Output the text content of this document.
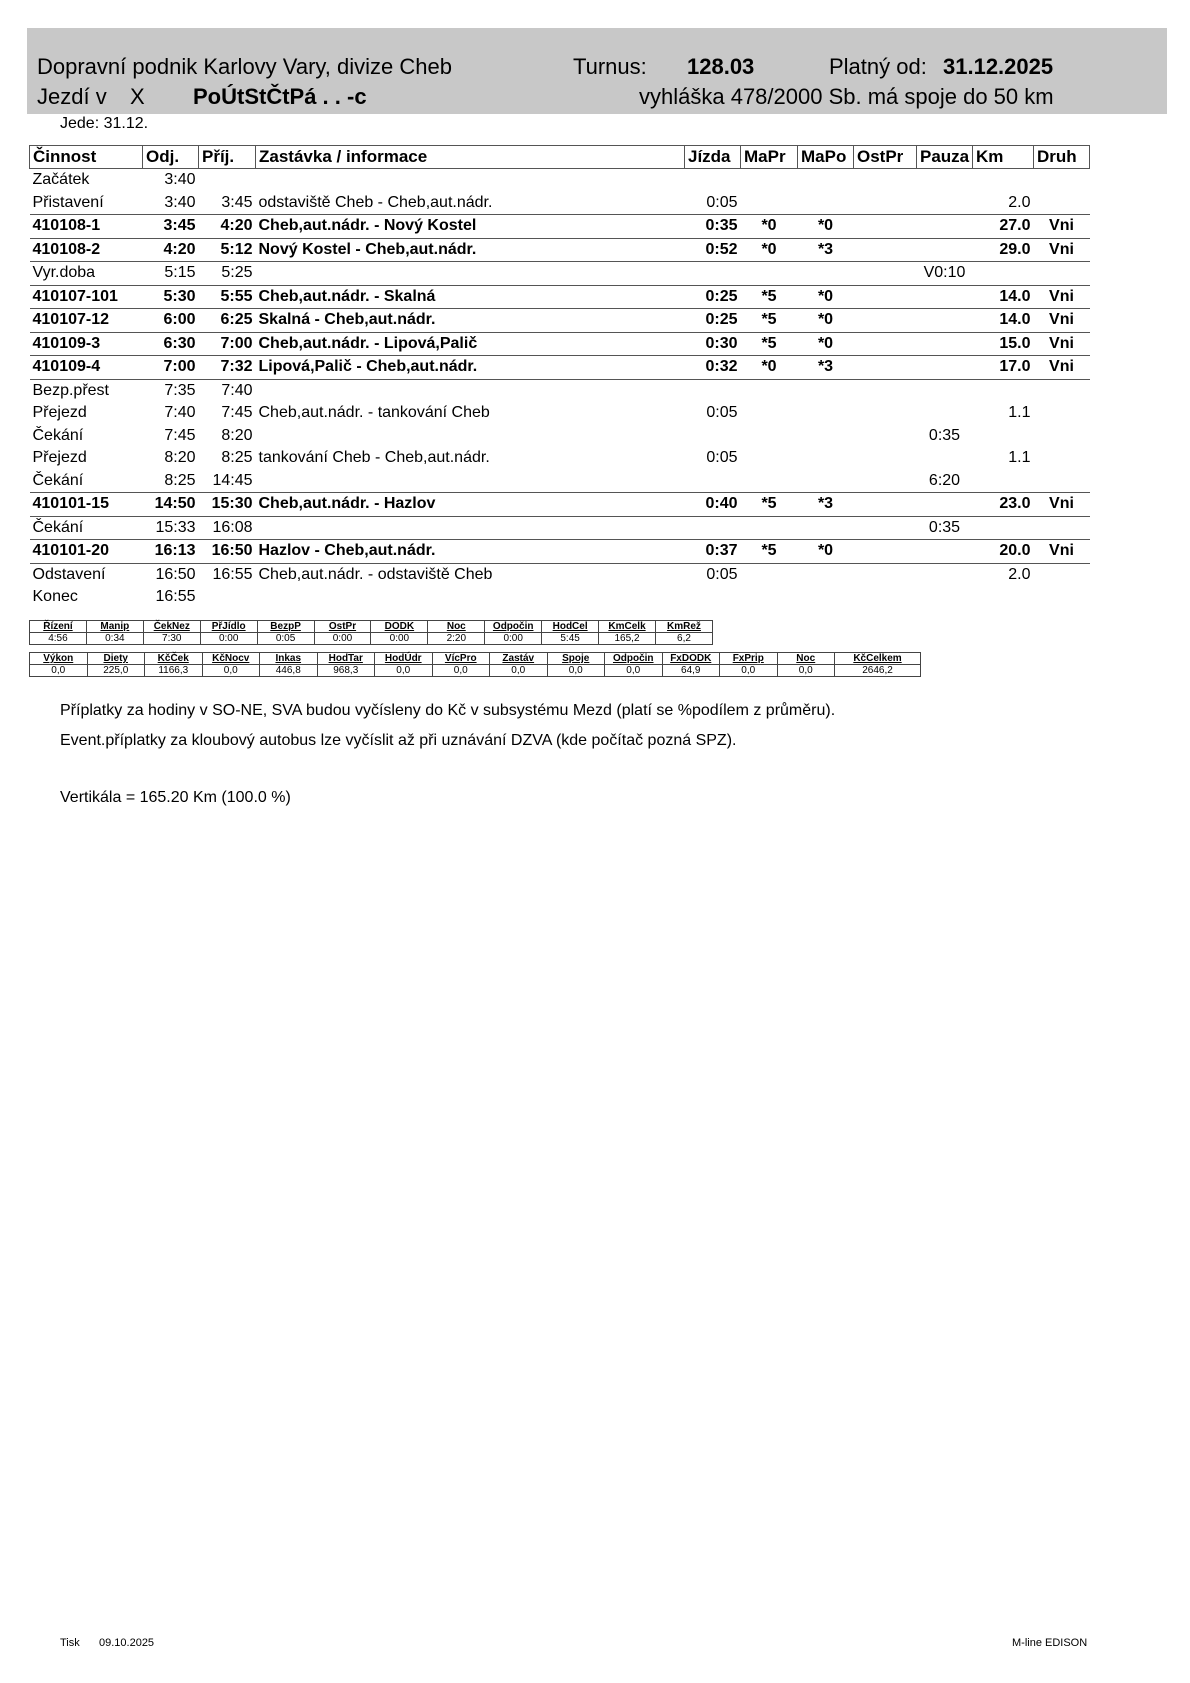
Dopravní podnik Karlovy Vary, divize Cheb	Turnus: 128.03	Platný od: 31.12.2025
Jezdí v X PoÚtStČtPá . . -c	vyhláška 478/2000 Sb. má spoje do 50 km
Jede: 31.12.
Činnost	Odj.	Příj.	Zastávka / informace	Jízda	MaPr	MaPo	OstPr	Pauza	Km	Druh
Začátek	3:40									
Přistavení	3:40	3:45	odstaviště Cheb - Cheb,aut.nádr.	0:05					2.0	
410108-1	3:45	4:20	Cheb,aut.nádr. - Nový Kostel	0:35	*0	*0			27.0	Vni
410108-2	4:20	5:12	Nový Kostel - Cheb,aut.nádr.	0:52	*0	*3			29.0	Vni
Vyr.doba	5:15	5:25						V0:10		
410107-101	5:30	5:55	Cheb,aut.nádr. - Skalná	0:25	*5	*0			14.0	Vni
410107-12	6:00	6:25	Skalná - Cheb,aut.nádr.	0:25	*5	*0			14.0	Vni
410109-3	6:30	7:00	Cheb,aut.nádr. - Lipová,Palič	0:30	*5	*0			15.0	Vni
410109-4	7:00	7:32	Lipová,Palič - Cheb,aut.nádr.	0:32	*0	*3			17.0	Vni
Bezp.přest	7:35	7:40								
Přejezd	7:40	7:45	Cheb,aut.nádr. - tankování Cheb	0:05					1.1	
Čekání	7:45	8:20						0:35		
Přejezd	8:20	8:25	tankování Cheb - Cheb,aut.nádr.	0:05					1.1	
Čekání	8:25	14:45						6:20		
410101-15	14:50	15:30	Cheb,aut.nádr. - Hazlov	0:40	*5	*3			23.0	Vni
Čekání	15:33	16:08						0:35		
410101-20	16:13	16:50	Hazlov - Cheb,aut.nádr.	0:37	*5	*0			20.0	Vni
Odstavení	16:50	16:55	Cheb,aut.nádr. - odstaviště Cheb	0:05					2.0	
Konec	16:55									
Řízení	Manip	ČekNez	PřJídlo	BezpP	OstPr	DODK	Noc	Odpočin	HodCel	KmCelk	KmRež
4:56	0:34	7:30	0:00	0:05	0:00	0:00	2:20	0:00	5:45	165,2	6,2
Výkon	Diety	KčČek	KčNocv	Inkas	HodTar	HodÚdr	VícPro	Zastáv	Spoje	Odpočin	FxDODK	FxPrip	Noc	KčCelkem
0,0	225,0	1166,3	0,0	446,8	968,3	0,0	0,0	0,0	0,0	0,0	64,9	0,0	0,0	2646,2
Příplatky za hodiny v SO-NE, SVA budou vyčísleny do Kč v subsystému Mezd (platí se %podílem z průměru).
Event.příplatky za kloubový autobus lze vyčíslit až při uznávání DZVA (kde počítač pozná SPZ).
Vertikála = 165.20 Km (100.0 %)
Tisk 09.10.2025	M-line EDISON
